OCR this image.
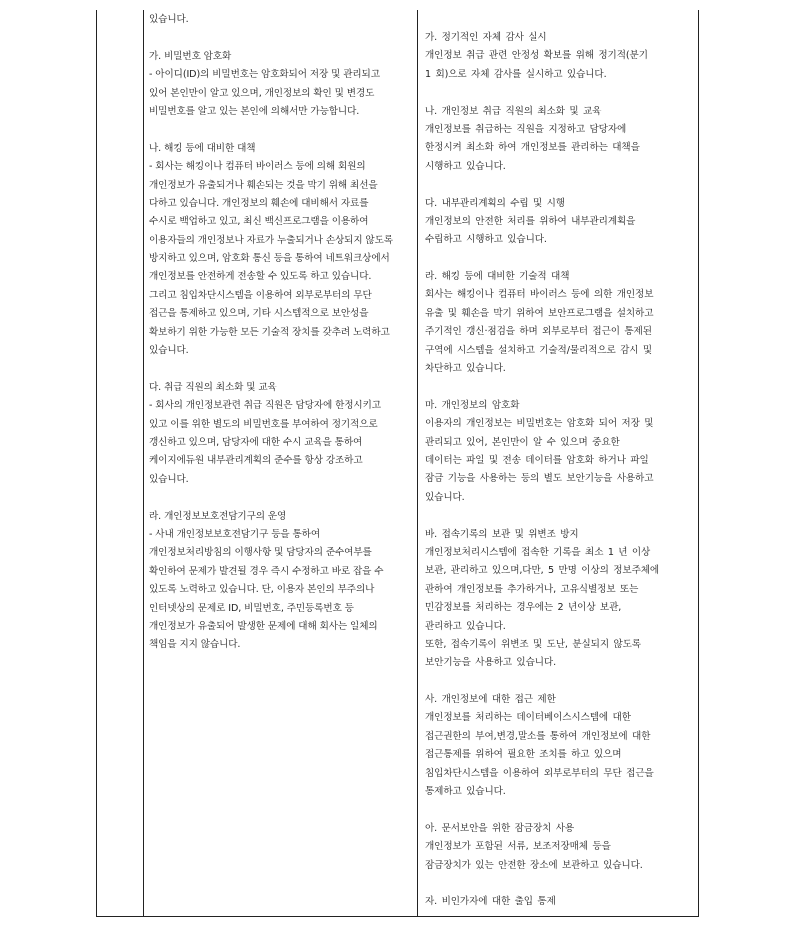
있습니다.

가. 비밀번호 암호화

- 아이디(ID)의 비밀번호는 암호화되어 저장 및 관리되고

있어 본인만이 알고 있으며, 개인정보의 확인 및 변경도

비밀번호를 알고 있는 본인에 의해서만 가능합니다.

나. 해킹 등에 대비한 대책

- 회사는 해킹이나 컴퓨터 바이러스 등에 의해 회원의

개인정보가 유출되거나 훼손되는 것을 막기 위해 최선을

다하고 있습니다. 개인정보의 훼손에 대비해서 자료를

수시로 백업하고 있고, 최신 백신프로그램을 이용하여

이용자들의 개인정보나 자료가 누출되거나 손상되지 않도록

방지하고 있으며, 암호화 통신 등을 통하여 네트워크상에서

개인정보를 안전하게 전송할 수 있도록 하고 있습니다.

그리고 침입차단시스템을 이용하여 외부로부터의 무단

접근을 통제하고 있으며, 기타 시스템적으로 보안성을

확보하기 위한 가능한 모든 기술적 장치를 갖추려 노력하고

있습니다.

다. 취급 직원의 최소화 및 교육

- 회사의 개인정보관련 취급 직원은 담당자에 한정시키고

있고 이를 위한 별도의 비밀번호를 부여하여 정기적으로

갱신하고 있으며, 담당자에 대한 수시 교육을 통하여

케이지에듀원 내부관리계획의 준수를 항상 강조하고

있습니다.

라. 개인정보보호전담기구의 운영

- 사내 개인정보보호전담기구 등을 통하여

개인정보처리방침의 이행사항 및 담당자의 준수여부를

확인하여 문제가 발견될 경우 즉시 수정하고 바로 잡을 수

있도록 노력하고 있습니다. 단, 이용자 본인의 부주의나

인터넷상의 문제로 ID, 비밀번호, 주민등록번호 등

개인정보가 유출되어 발생한 문제에 대해 회사는 일체의

책임을 지지 않습니다.

가. 정기적인 자체 감사 실시

개인정보 취급 관련 안정성 확보를 위해 정기적(분기

1 회)으로 자체 감사를 실시하고 있습니다.

나. 개인정보 취급 직원의 최소화 및 교육

개인정보를 취급하는 직원을 지정하고 담당자에

한정시켜 최소화 하여 개인정보를 관리하는 대책을

시행하고 있습니다.

다. 내부관리계획의 수립 및 시행

개인정보의 안전한 처리를 위하여 내부관리계획을

수립하고 시행하고 있습니다.

라. 해킹 등에 대비한 기술적 대책

회사는 해킹이나 컴퓨터 바이러스 등에 의한 개인정보

유출 및 훼손을 막기 위하여 보안프로그램을 설치하고

주기적인 갱신·점검을 하며 외부로부터 접근이 통제된

구역에 시스템을 설치하고 기술적/물리적으로 감시 및

차단하고 있습니다.

마. 개인정보의 암호화

이용자의 개인정보는 비밀번호는 암호화 되어 저장 및

관리되고 있어, 본인만이 알 수 있으며 중요한

데이터는 파일 및 전송 데이터를 암호화 하거나 파일

잠금 기능을 사용하는 등의 별도 보안기능을 사용하고

있습니다.

바. 접속기록의 보관 및 위변조 방지

개인정보처리시스템에 접속한 기록을 최소 1 년 이상

보관, 관리하고 있으며,다만, 5 만명 이상의 정보주체에

관하여 개인정보를 추가하거나, 고유식별정보 또는

민감정보를 처리하는 경우에는 2 년이상 보관,

관리하고 있습니다.

또한, 접속기록이 위변조 및 도난, 분실되지 않도록

보안기능을 사용하고 있습니다.

사. 개인정보에 대한 접근 제한

개인정보를 처리하는 데이터베이스시스템에 대한

접근권한의 부여,변경,말소를 통하여 개인정보에 대한

접근통제를 위하여 필요한 조치를 하고 있으며

침입차단시스템을 이용하여 외부로부터의 무단 접근을

통제하고 있습니다.

아. 문서보안을 위한 잠금장치 사용

개인정보가 포함된 서류, 보조저장매체 등을

잠금장치가 있는 안전한 장소에 보관하고 있습니다.

자. 비인가자에 대한 출입 통제
